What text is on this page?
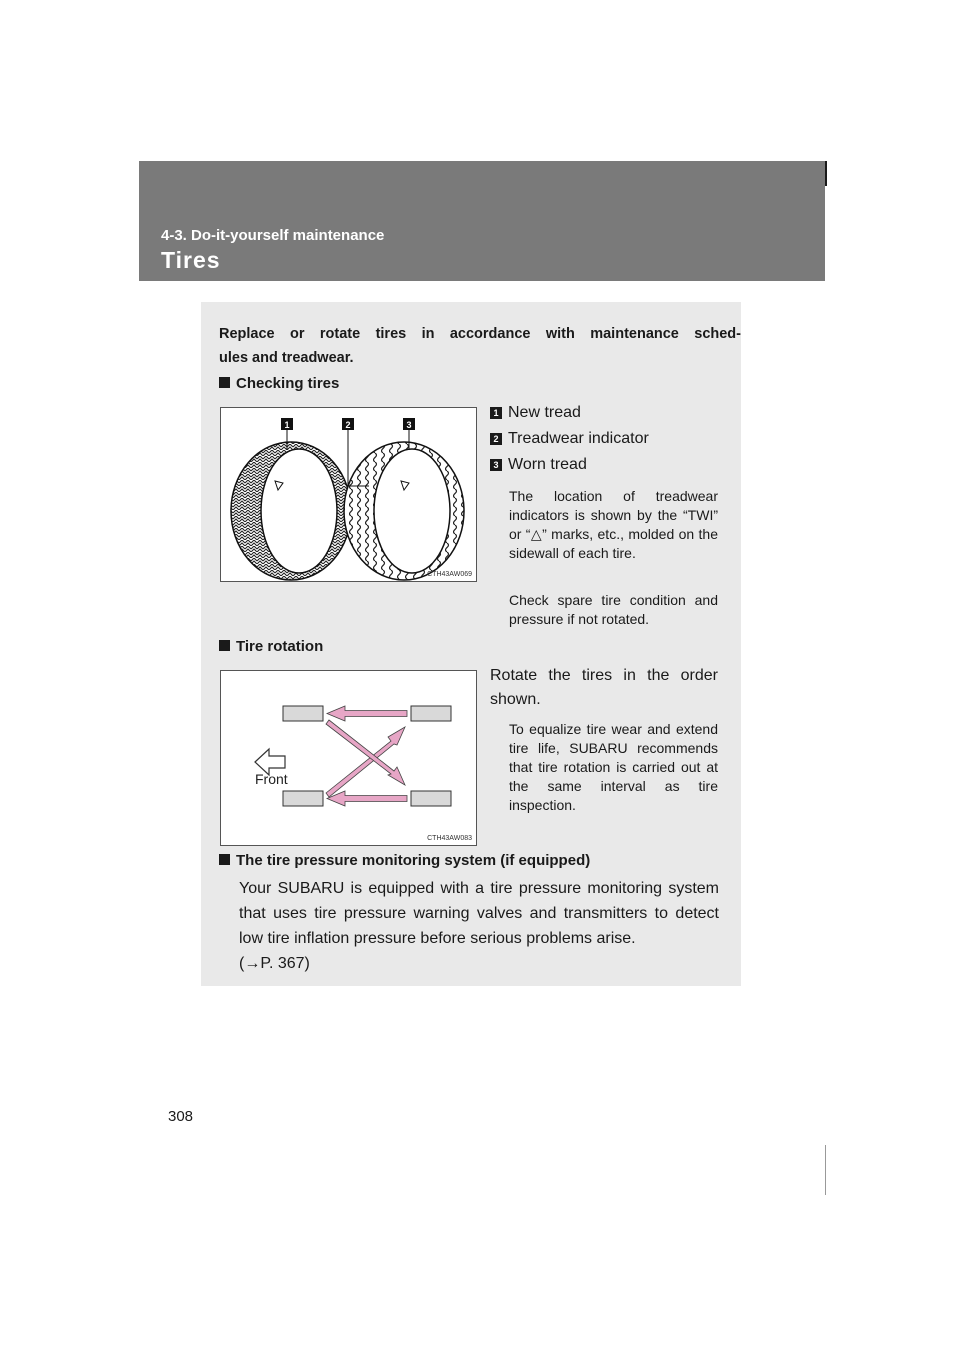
4-3. Do-it-yourself maintenance
Tires
Replace or rotate tires in accordance with maintenance sched-
ules and treadwear.
Checking tires
1	2	3
CTH43AW069
1 New tread
2 Treadwear indicator
3 Worn tread
The location of treadwear indicators is shown by the “TWI” or “△” marks, etc., molded on the sidewall of each tire.
Check spare tire condition and pressure if not rotated.
Tire rotation
Front
CTH43AW083
Rotate the tires in the order shown.
To equalize tire wear and extend tire life, SUBARU recommends that tire rotation is carried out at the same interval as tire inspection.
The tire pressure monitoring system (if equipped)
Your SUBARU is equipped with a tire pressure monitoring system that uses tire pressure warning valves and transmitters to detect low tire inflation pressure before serious problems arise.
(→P. 367)
308
